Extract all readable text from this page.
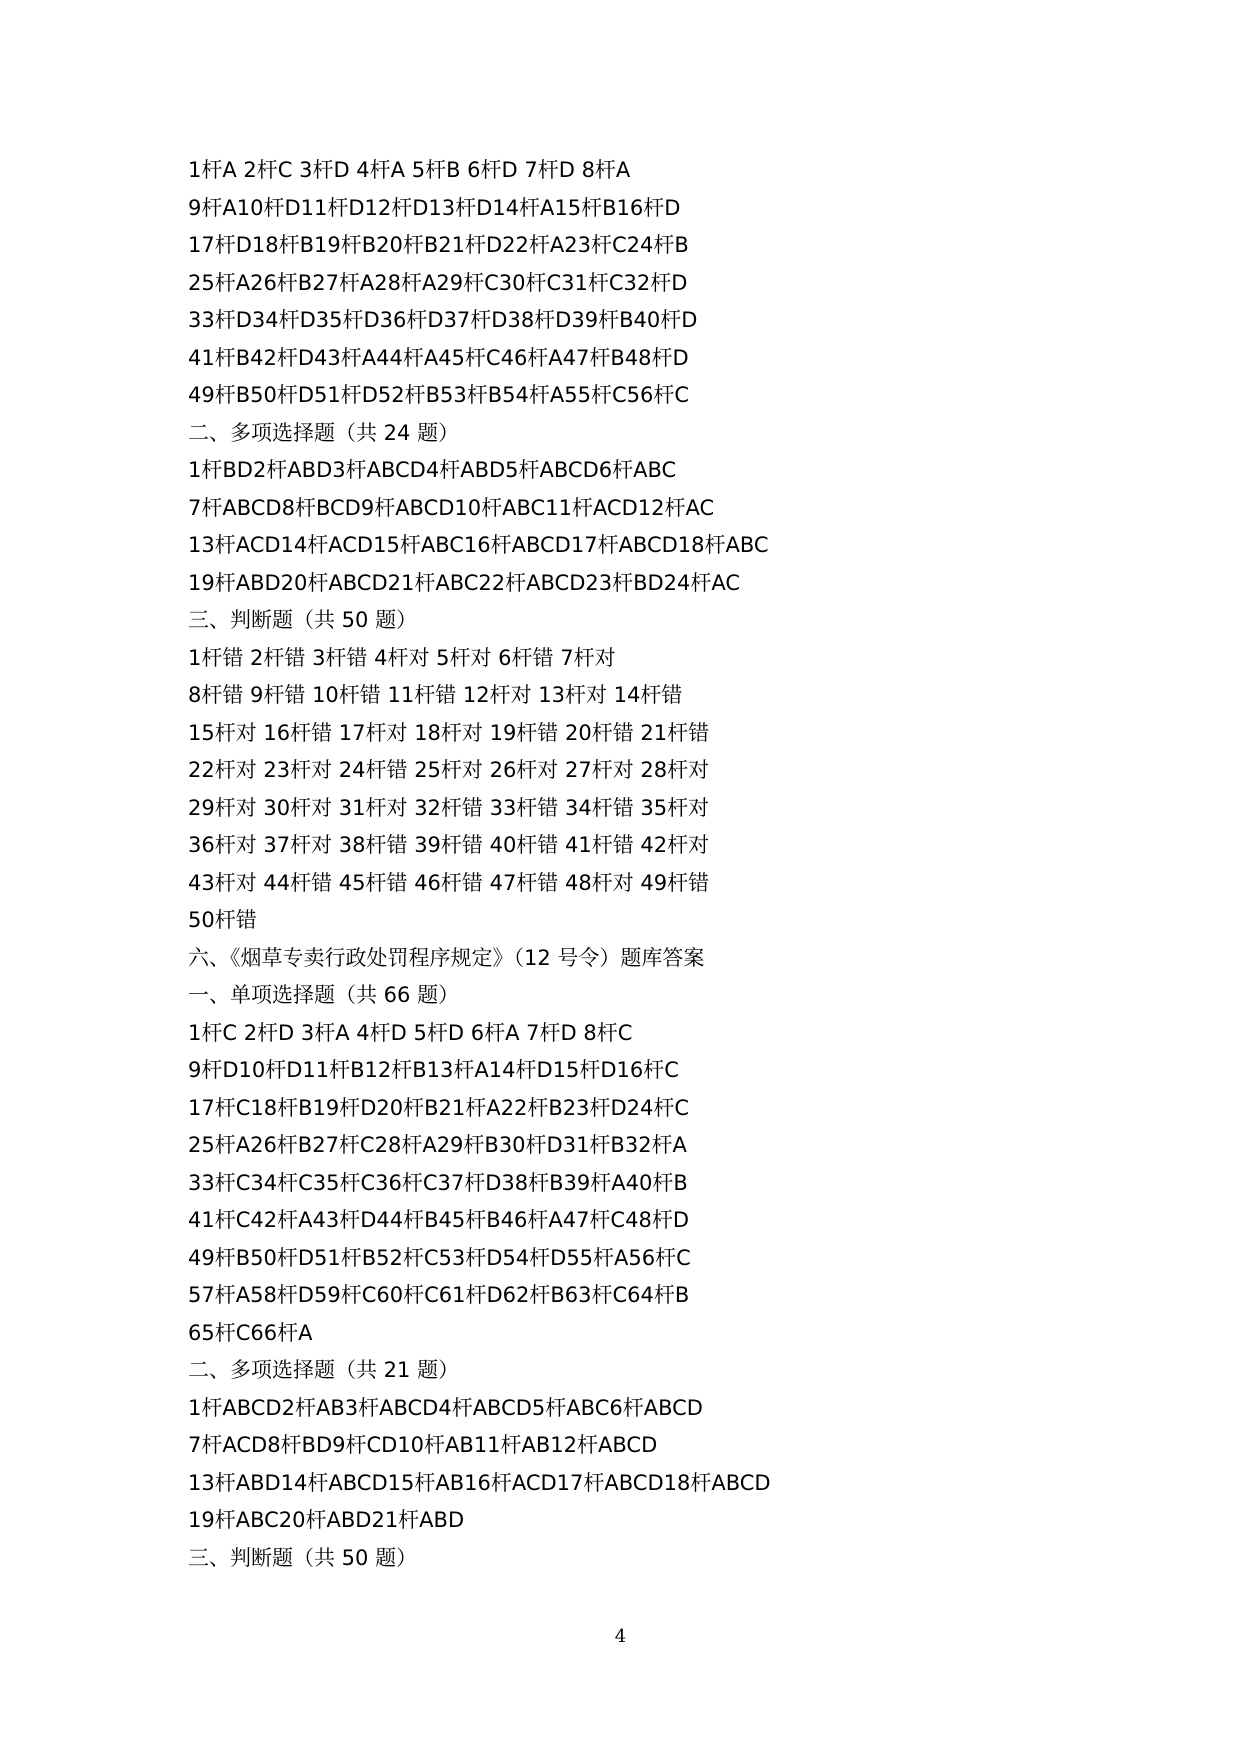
1杆A 2杆C 3杆D 4杆A 5杆B 6杆D 7杆D 8杆A
9杆A10杆D11杆D12杆D13杆D14杆A15杆B16杆D
17杆D18杆B19杆B20杆B21杆D22杆A23杆C24杆B
25杆A26杆B27杆A28杆A29杆C30杆C31杆C32杆D
33杆D34杆D35杆D36杆D37杆D38杆D39杆B40杆D
41杆B42杆D43杆A44杆A45杆C46杆A47杆B48杆D
49杆B50杆D51杆D52杆B53杆B54杆A55杆C56杆C
二、多项选择题（共 24 题）
1杆BD2杆ABD3杆ABCD4杆ABD5杆ABCD6杆ABC
7杆ABCD8杆BCD9杆ABCD10杆ABC11杆ACD12杆AC
13杆ACD14杆ACD15杆ABC16杆ABCD17杆ABCD18杆ABC
19杆ABD20杆ABCD21杆ABC22杆ABCD23杆BD24杆AC
三、判断题（共 50 题）
1杆错 2杆错 3杆错 4杆对 5杆对 6杆错 7杆对
8杆错 9杆错 10杆错 11杆错 12杆对 13杆对 14杆错
15杆对 16杆错 17杆对 18杆对 19杆错 20杆错 21杆错
22杆对 23杆对 24杆错 25杆对 26杆对 27杆对 28杆对
29杆对 30杆对 31杆对 32杆错 33杆错 34杆错 35杆对
36杆对 37杆对 38杆错 39杆错 40杆错 41杆错 42杆对
43杆对 44杆错 45杆错 46杆错 47杆错 48杆对 49杆错
50杆错
六、《烟草专卖行政处罚程序规定》（12 号令）题库答案
一、单项选择题（共 66 题）
1杆C 2杆D 3杆A 4杆D 5杆D 6杆A 7杆D 8杆C
9杆D10杆D11杆B12杆B13杆A14杆D15杆D16杆C
17杆C18杆B19杆D20杆B21杆A22杆B23杆D24杆C
25杆A26杆B27杆C28杆A29杆B30杆D31杆B32杆A
33杆C34杆C35杆C36杆C37杆D38杆B39杆A40杆B
41杆C42杆A43杆D44杆B45杆B46杆A47杆C48杆D
49杆B50杆D51杆B52杆C53杆D54杆D55杆A56杆C
57杆A58杆D59杆C60杆C61杆D62杆B63杆C64杆B
65杆C66杆A
二、多项选择题（共 21 题）
1杆ABCD2杆AB3杆ABCD4杆ABCD5杆ABC6杆ABCD
7杆ACD8杆BD9杆CD10杆AB11杆AB12杆ABCD
13杆ABD14杆ABCD15杆AB16杆ACD17杆ABCD18杆ABCD
19杆ABC20杆ABD21杆ABD
三、判断题（共 50 题）
4
